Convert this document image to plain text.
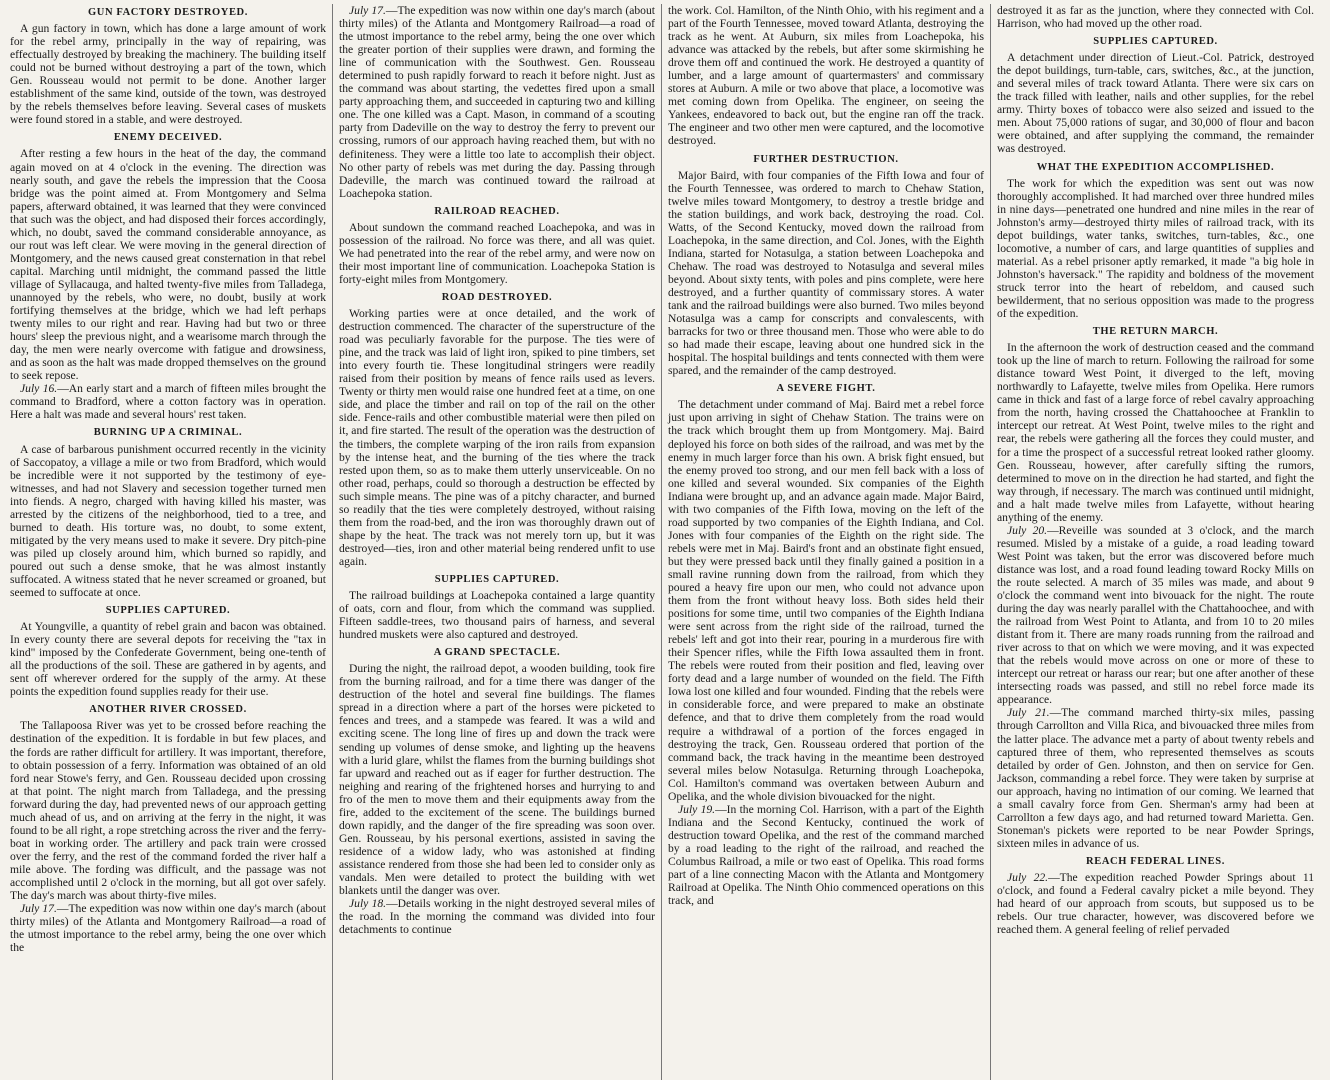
GUN FACTORY DESTROYED.

A gun factory in town, which has done a large amount of work for the rebel army, principally in the way of repairing, was effectually destroyed by breaking the machinery. The building itself could not be burned without destroying a part of the town, which Gen. Rousseau would not permit to be done. Another larger establishment of the same kind, outside of the town, was destroyed by the rebels themselves before leaving. Several cases of muskets were found stored in a stable, and were destroyed.

ENEMY DECEIVED.

After resting a few hours in the heat of the day, the command again moved on at 4 o'clock in the evening. The direction was nearly south, and gave the rebels the impression that the Coosa bridge was the point aimed at. From Montgomery and Selma papers, afterward obtained, it was learned that they were convinced that such was the object, and had disposed their forces accordingly, which, no doubt, saved the command considerable annoyance, as our rout was left clear. We were moving in the general direction of Montgomery, and the news caused great consternation in that rebel capital. Marching until midnight, the command passed the little village of Syllacauga, and halted twenty-five miles from Talladega, unannoyed by the rebels, who were, no doubt, busily at work fortifying themselves at the bridge, which we had left perhaps twenty miles to our right and rear. Having had but two or three hours' sleep the previous night, and a wearisome march through the day, the men were nearly overcome with fatigue and drowsiness, and as soon as the halt was made dropped themselves on the ground to seek repose.

July 16.—An early start and a march of fifteen miles brought the command to Bradford, where a cotton factory was in operation. Here a halt was made and several hours' rest taken.

BURNING UP A CRIMINAL.

A case of barbarous punishment occurred recently in the vicinity of Saccopatoy, a village a mile or two from Bradford, which would be incredible were it not supported by the testimony of eye-witnesses, and had not Slavery and secession together turned men into fiends. A negro, charged with having killed his master, was arrested by the citizens of the neighborhood, tied to a tree, and burned to death. His torture was, no doubt, to some extent, mitigated by the very means used to make it severe. Dry pitch-pine was piled up closely around him, which burned so rapidly, and poured out such a dense smoke, that he was almost instantly suffocated. A witness stated that he never screamed or groaned, but seemed to suffocate at once.

SUPPLIES CAPTURED.

At Youngville, a quantity of rebel grain and bacon was obtained. In every county there are several depots for receiving the "tax in kind" imposed by the Confederate Government, being one-tenth of all the productions of the soil. These are gathered in by agents, and sent off wherever ordered for the supply of the army. At these points the expedition found supplies ready for their use.

ANOTHER RIVER CROSSED.

The Tallapoosa River was yet to be crossed before reaching the destination of the expedition. It is fordable in but few places, and the fords are rather difficult for artillery. It was important, therefore, to obtain possession of a ferry. Information was obtained of an old ford near Stowe's ferry, and Gen. Rousseau decided upon crossing at that point. The night march from Talladega, and the pressing forward during the day, had prevented news of our approach getting much ahead of us, and on arriving at the ferry in the night, it was found to be all right, a rope stretching across the river and the ferry-boat in working order. The artillery and pack train were crossed over the ferry, and the rest of the command forded the river half a mile above. The fording was difficult, and the passage was not accomplished until 2 o'clock in the morning, but all got over safely. The day's march was about thirty-five miles.

July 17.—The expedition was now within one day's march (about thirty miles) of the Atlanta and Montgomery Railroad—a road of the utmost importance to the rebel army, being the one over which the

July 17.—The expedition was now within one day's march (about thirty miles) of the Atlanta and Montgomery Railroad—a road of the utmost importance to the rebel army, being the one over which the greater portion of their supplies were drawn, and forming the line of communication with the Southwest. Gen. Rousseau determined to push rapidly forward to reach it before night. Just as the command was about starting, the vedettes fired upon a small party approaching them, and succeeded in capturing two and killing one. The one killed was a Capt. Mason, in command of a scouting party from Dadeville on the way to destroy the ferry to prevent our crossing, rumors of our approach having reached them, but with no definiteness. They were a little too late to accomplish their object. No other party of rebels was met during the day. Passing through Dadeville, the march was continued toward the railroad at Loachepoka station.

RAILROAD REACHED.

About sundown the command reached Loachepoka, and was in possession of the railroad. No force was there, and all was quiet. We had penetrated into the rear of the rebel army, and were now on their most important line of communication. Loachepoka Station is forty-eight miles from Montgomery.

ROAD DESTROYED.

Working parties were at once detailed, and the work of destruction commenced. The character of the superstructure of the road was peculiarly favorable for the purpose. The ties were of pine, and the track was laid of light iron, spiked to pine timbers, set into every fourth tie. These longitudinal stringers were readily raised from their position by means of fence rails used as levers. Twenty or thirty men would raise one hundred feet at a time, on one side, and place the timber and rail on top of the rail on the other side. Fence-rails and other combustible material were then piled on it, and fire started. The result of the operation was the destruction of the timbers, the complete warping of the iron rails from expansion by the intense heat, and the burning of the ties where the track rested upon them, so as to make them utterly unserviceable. On no other road, perhaps, could so thorough a destruction be effected by such simple means. The pine was of a pitchy character, and burned so readily that the ties were completely destroyed, without raising them from the road-bed, and the iron was thoroughly drawn out of shape by the heat. The track was not merely torn up, but it was destroyed—ties, iron and other material being rendered unfit to use again.

SUPPLIES CAPTURED.

The railroad buildings at Loachepoka contained a large quantity of oats, corn and flour, from which the command was supplied. Fifteen saddle-trees, two thousand pairs of harness, and several hundred muskets were also captured and destroyed.

A GRAND SPECTACLE.

During the night, the railroad depot, a wooden building, took fire from the burning railroad, and for a time there was danger of the destruction of the hotel and several fine buildings. The flames spread in a direction where a part of the horses were picketed to fences and trees, and a stampede was feared. It was a wild and exciting scene. The long line of fires up and down the track were sending up volumes of dense smoke, and lighting up the heavens with a lurid glare, whilst the flames from the burning buildings shot far upward and reached out as if eager for further destruction. The neighing and rearing of the frightened horses and hurrying to and fro of the men to move them and their equipments away from the fire, added to the excitement of the scene. The buildings burned down rapidly, and the danger of the fire spreading was soon over. Gen. Rousseau, by his personal exertions, assisted in saving the residence of a widow lady, who was astonished at finding assistance rendered from those she had been led to consider only as vandals. Men were detailed to protect the building with wet blankets until the danger was over.

July 18.—Details working in the night destroyed several miles of the road. In the morning the command was divided into four detachments to continue

the work. Col. Hamilton, of the Ninth Ohio, with his regiment and a part of the Fourth Tennessee, moved toward Atlanta, destroying the track as he went. At Auburn, six miles from Loachepoka, his advance was attacked by the rebels, but after some skirmishing he drove them off and continued the work. He destroyed a quantity of lumber, and a large amount of quartermasters' and commissary stores at Auburn. A mile or two above that place, a locomotive was met coming down from Opelika. The engineer, on seeing the Yankees, endeavored to back out, but the engine ran off the track. The engineer and two other men were captured, and the locomotive destroyed.

FURTHER DESTRUCTION.

Major Baird, with four companies of the Fifth Iowa and four of the Fourth Tennessee, was ordered to march to Chehaw Station, twelve miles toward Montgomery, to destroy a trestle bridge and the station buildings, and work back, destroying the road. Col. Watts, of the Second Kentucky, moved down the railroad from Loachepoka, in the same direction, and Col. Jones, with the Eighth Indiana, started for Notasulga, a station between Loachepoka and Chehaw. The road was destroyed to Notasulga and several miles beyond. About sixty tents, with poles and pins complete, were here destroyed, and a further quantity of commissary stores. A water tank and the railroad buildings were also burned. Two miles beyond Notasulga was a camp for conscripts and convalescents, with barracks for two or three thousand men. Those who were able to do so had made their escape, leaving about one hundred sick in the hospital. The hospital buildings and tents connected with them were spared, and the remainder of the camp destroyed.

A SEVERE FIGHT.

The detachment under command of Maj. Baird met a rebel force just upon arriving in sight of Chehaw Station. The trains were on the track which brought them up from Montgomery. Maj. Baird deployed his force on both sides of the railroad, and was met by the enemy in much larger force than his own. A brisk fight ensued, but the enemy proved too strong, and our men fell back with a loss of one killed and several wounded. Six companies of the Eighth Indiana were brought up, and an advance again made. Major Baird, with two companies of the Fifth Iowa, moving on the left of the road supported by two companies of the Eighth Indiana, and Col. Jones with four companies of the Eighth on the right side. The rebels were met in Maj. Baird's front and an obstinate fight ensued, but they were pressed back until they finally gained a position in a small ravine running down from the railroad, from which they poured a heavy fire upon our men, who could not advance upon them from the front without heavy loss. Both sides held their positions for some time, until two companies of the Eighth Indiana were sent across from the right side of the railroad, turned the rebels' left and got into their rear, pouring in a murderous fire with their Spencer rifles, while the Fifth Iowa assaulted them in front. The rebels were routed from their position and fled, leaving over forty dead and a large number of wounded on the field. The Fifth Iowa lost one killed and four wounded. Finding that the rebels were in considerable force, and were prepared to make an obstinate defence, and that to drive them completely from the road would require a withdrawal of a portion of the forces engaged in destroying the track, Gen. Rousseau ordered that portion of the command back, the track having in the meantime been destroyed several miles below Notasulga. Returning through Loachepoka, Col. Hamilton's command was overtaken between Auburn and Opelika, and the whole division bivouacked for the night.

July 19.—In the morning Col. Harrison, with a part of the Eighth Indiana and the Second Kentucky, continued the work of destruction toward Opelika, and the rest of the command marched by a road leading to the right of the railroad, and reached the Columbus Railroad, a mile or two east of Opelika. This road forms part of a line connecting Macon with the Atlanta and Montgomery Railroad at Opelika. The Ninth Ohio commenced operations on this track, and

destroyed it as far as the junction, where they connected with Col. Harrison, who had moved up the other road.

SUPPLIES CAPTURED.

A detachment under direction of Lieut.-Col. Patrick, destroyed the depot buildings, turn-table, cars, switches, &c., at the junction, and several miles of track toward Atlanta. There were six cars on the track filled with leather, nails and other supplies, for the rebel army. Thirty boxes of tobacco were also seized and issued to the men. About 75,000 rations of sugar, and 30,000 of flour and bacon were obtained, and after supplying the command, the remainder was destroyed.

WHAT THE EXPEDITION ACCOMPLISHED.

The work for which the expedition was sent out was now thoroughly accomplished. It had marched over three hundred miles in nine days—penetrated one hundred and nine miles in the rear of Johnston's army—destroyed thirty miles of railroad track, with its depot buildings, water tanks, switches, turn-tables, &c., one locomotive, a number of cars, and large quantities of supplies and material. As a rebel prisoner aptly remarked, it made "a big hole in Johnston's haversack." The rapidity and boldness of the movement struck terror into the heart of rebeldom, and caused such bewilderment, that no serious opposition was made to the progress of the expedition.

THE RETURN MARCH.

In the afternoon the work of destruction ceased and the command took up the line of march to return. Following the railroad for some distance toward West Point, it diverged to the left, moving northwardly to Lafayette, twelve miles from Opelika. Here rumors came in thick and fast of a large force of rebel cavalry approaching from the north, having crossed the Chattahoochee at Franklin to intercept our retreat. At West Point, twelve miles to the right and rear, the rebels were gathering all the forces they could muster, and for a time the prospect of a successful retreat looked rather gloomy. Gen. Rousseau, however, after carefully sifting the rumors, determined to move on in the direction he had started, and fight the way through, if necessary. The march was continued until midnight, and a halt made twelve miles from Lafayette, without hearing anything of the enemy.

July 20.—Reveille was sounded at 3 o'clock, and the march resumed. Misled by a mistake of a guide, a road leading toward West Point was taken, but the error was discovered before much distance was lost, and a road found leading toward Rocky Mills on the route selected. A march of 35 miles was made, and about 9 o'clock the command went into bivouack for the night. The route during the day was nearly parallel with the Chattahoochee, and with the railroad from West Point to Atlanta, and from 10 to 20 miles distant from it. There are many roads running from the railroad and river across to that on which we were moving, and it was expected that the rebels would move across on one or more of these to intercept our retreat or harass our rear; but one after another of these intersecting roads was passed, and still no rebel force made its appearance.

July 21.—The command marched thirty-six miles, passing through Carrollton and Villa Rica, and bivouacked three miles from the latter place. The advance met a party of about twenty rebels and captured three of them, who represented themselves as scouts detailed by order of Gen. Johnston, and then on service for Gen. Jackson, commanding a rebel force. They were taken by surprise at our approach, having no intimation of our coming. We learned that a small cavalry force from Gen. Sherman's army had been at Carrollton a few days ago, and had returned toward Marietta. Gen. Stoneman's pickets were reported to be near Powder Springs, sixteen miles in advance of us.

REACH FEDERAL LINES.

July 22.—The expedition reached Powder Springs about 11 o'clock, and found a Federal cavalry picket a mile beyond. They had heard of our approach from scouts, but supposed us to be rebels. Our true character, however, was discovered before we reached them. A general feeling of relief pervaded
